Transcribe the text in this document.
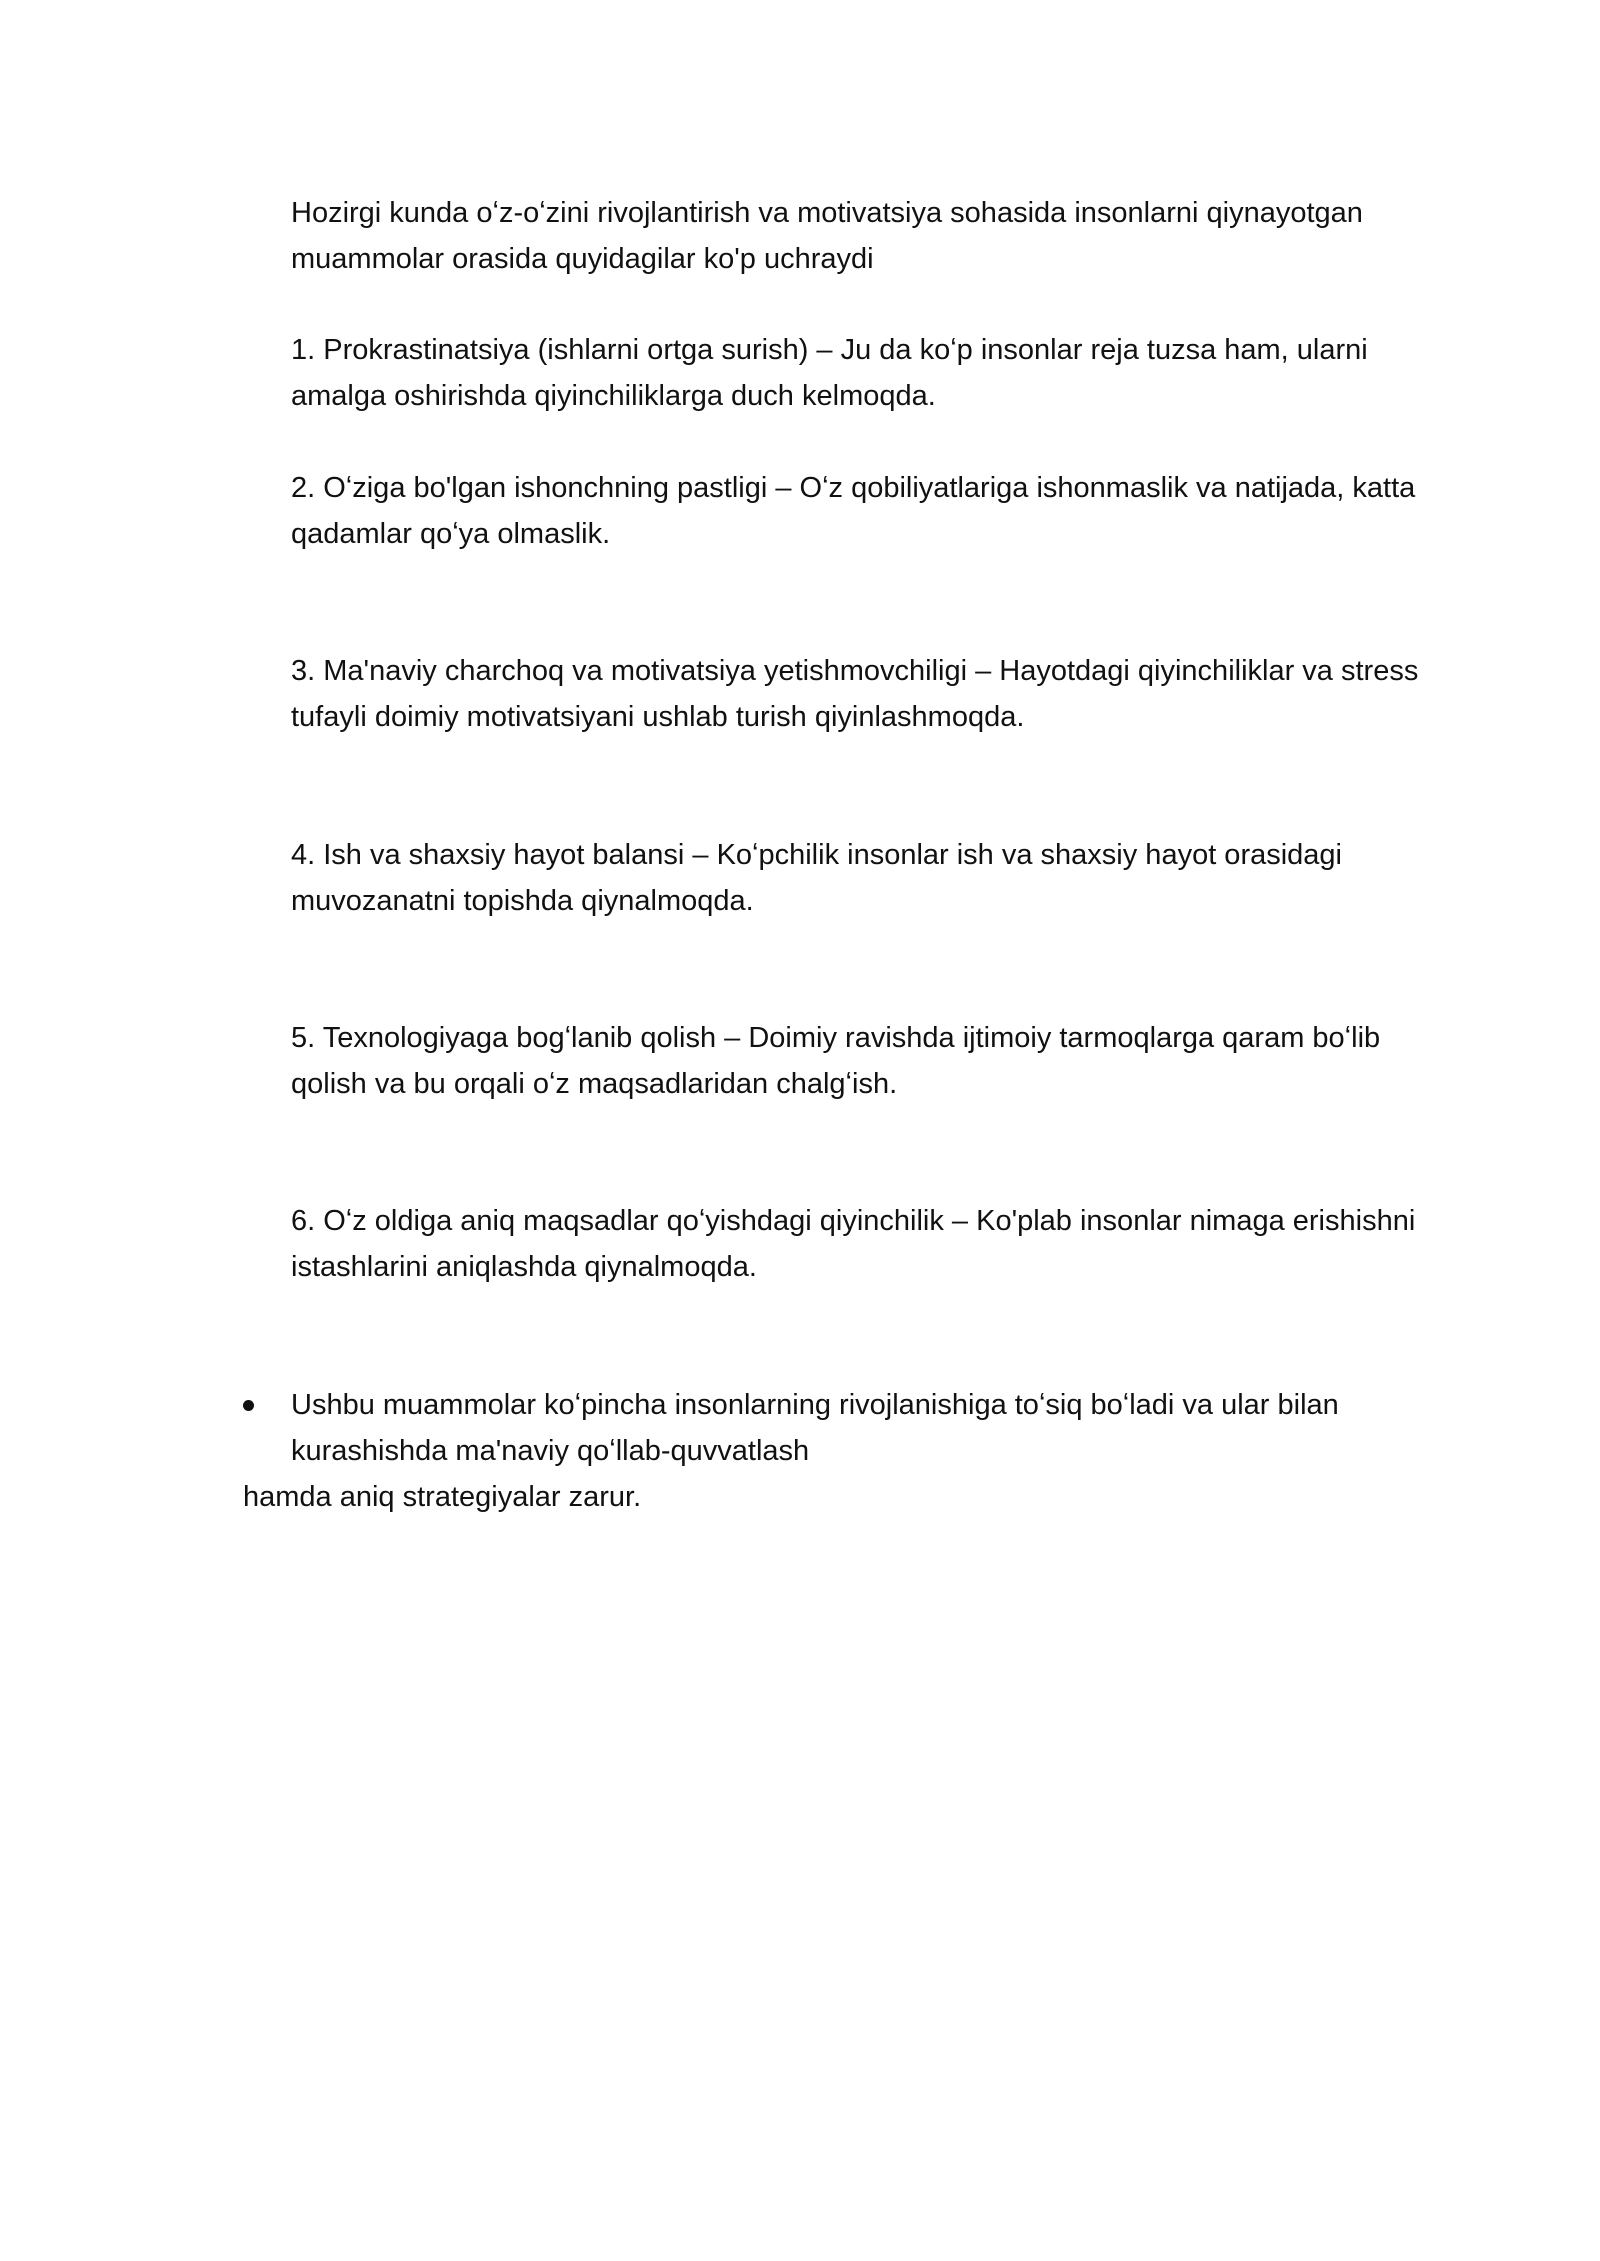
Hozirgi kunda oʻz-oʻzini rivojlantirish va motivatsiya sohasida insonlarni qiynayotgan muammolar orasida quyidagilar ko'p uchraydi

1. Prokrastinatsiya (ishlarni ortga surish) – Ju da koʻp insonlar reja tuzsa ham, ularni amalga oshirishda qiyinchiliklarga duch kelmoqda.

2. Oʻziga bo'lgan ishonchning pastligi – Oʻz qobiliyatlariga ishonmaslik va natijada, katta qadamlar qoʻya olmaslik.

3. Ma'naviy charchoq va motivatsiya yetishmovchiligi – Hayotdagi qiyinchiliklar va stress tufayli doimiy motivatsiyani ushlab turish qiyinlashmoqda.

4. Ish va shaxsiy hayot balansi – Koʻpchilik insonlar ish va shaxsiy hayot orasidagi muvozanatni topishda qiynalmoqda.

5. Texnologiyaga bogʻlanib qolish – Doimiy ravishda ijtimoiy tarmoqlarga qaram boʻlib qolish va bu orqali oʻz maqsadlaridan chalgʻish.

6. Oʻz oldiga aniq maqsadlar qoʻyishdagi qiyinchilik – Ko'plab insonlar nimaga erishishni istashlarini aniqlashda qiynalmoqda.

Ushbu muammolar koʻpincha insonlarning rivojlanishiga toʻsiq boʻladi va ular bilan kurashishda ma'naviy qoʻllab-quvvatlash

hamda aniq strategiyalar zarur.
